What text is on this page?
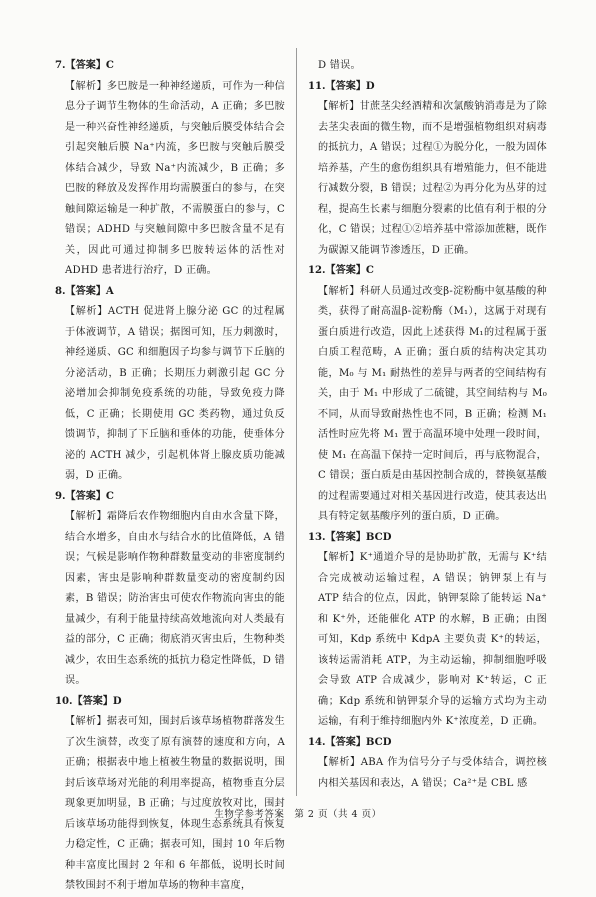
7.【答案】C
【解析】多巴胺是一种神经递质，可作为一种信息分子调节生物体的生命活动，A 正确；多巴胺是一种兴奋性神经递质，与突触后膜受体结合会引起突触后膜 Na⁺内流，多巴胺与突触后膜受体结合减少，导致 Na⁺内流减少，B 正确；多巴胺的释放及发挥作用均需膜蛋白的参与，在突触间隙运输是一种扩散，不需膜蛋白的参与，C 错误；ADHD 与突触间隙中多巴胺含量不足有关，因此可通过抑制多巴胺转运体的活性对 ADHD 患者进行治疗，D 正确。
8.【答案】A
【解析】ACTH 促进肾上腺分泌 GC 的过程属于体液调节，A 错误；据图可知，压力刺激时，神经递质、GC 和细胞因子均参与调节下丘脑的分泌活动，B 正确；长期压力刺激引起 GC 分泌增加会抑制免疫系统的功能，导致免疫力降低，C 正确；长期使用 GC 类药物，通过负反馈调节，抑制了下丘脑和垂体的功能，使垂体分泌的 ACTH 减少，引起机体肾上腺皮质功能减弱，D 正确。
9.【答案】C
【解析】霜降后农作物细胞内自由水含量下降，结合水增多，自由水与结合水的比值降低，A 错误；气候是影响作物种群数量变动的非密度制约因素，害虫是影响种群数量变动的密度制约因素，B 错误；防治害虫可使农作物流向害虫的能量减少，有利于能量持续高效地流向对人类最有益的部分，C 正确；彻底消灭害虫后，生物种类减少，农田生态系统的抵抗力稳定性降低，D 错误。
10.【答案】D
【解析】据表可知，围封后该草场植物群落发生了次生演替，改变了原有演替的速度和方向，A 正确；根据表中地上植被生物量的数据说明，围封后该草场对光能的利用率提高，植物垂直分层现象更加明显，B 正确；与过度放牧对比，围封后该草场功能得到恢复，体现生态系统具有恢复力稳定性，C 正确；据表可知，围封 10 年后物种丰富度比围封 2 年和 6 年都低，说明长时间禁牧围封不利于增加草场的物种丰富度，
D 错误。
11.【答案】D
【解析】甘蔗茎尖经酒精和次氯酸钠消毒是为了除去茎尖表面的微生物，而不是增强植物组织对病毒的抵抗力，A 错误；过程①为脱分化，一般为固体培养基，产生的愈伤组织具有增殖能力，但不能进行减数分裂，B 错误；过程②为再分化为丛芽的过程，提高生长素与细胞分裂素的比值有利于根的分化，C 错误；过程①②培养基中常添加蔗糖，既作为碳源又能调节渗透压，D 正确。
12.【答案】C
【解析】科研人员通过改变β-淀粉酶中氨基酸的种类，获得了耐高温β-淀粉酶（M₁），这属于对现有蛋白质进行改造，因此上述获得 M₁的过程属于蛋白质工程范畴，A 正确；蛋白质的结构决定其功能，M₀ 与 M₁ 耐热性的差异与两者的空间结构有关，由于 M₁ 中形成了二硫键，其空间结构与 M₀ 不同，从而导致耐热性也不同，B 正确；检测 M₁ 活性时应先将 M₁ 置于高温环境中处理一段时间，使 M₁ 在高温下保持一定时间后，再与底物混合，C 错误；蛋白质是由基因控制合成的，替换氨基酸的过程需要通过对相关基因进行改造，使其表达出具有特定氨基酸序列的蛋白质，D 正确。
13.【答案】BCD
【解析】K⁺通道介导的是协助扩散，无需与 K⁺结合完成被动运输过程，A 错误；钠钾泵上有与 ATP 结合的位点，因此，钠钾泵除了能转运 Na⁺和 K⁺外，还能催化 ATP 的水解，B 正确；由图可知，Kdp 系统中 KdpA 主要负责 K⁺的转运，该转运需消耗 ATP，为主动运输，抑制细胞呼吸会导致 ATP 合成减少，影响对 K⁺转运，C 正确；Kdp 系统和钠钾泵介导的运输方式均为主动运输，有利于维持细胞内外 K⁺浓度差，D 正确。
14.【答案】BCD
【解析】ABA 作为信号分子与受体结合，调控核内相关基因和表达，A 错误；Ca²⁺是 CBL 感
生物学参考答案　第 2 页（共 4 页）
